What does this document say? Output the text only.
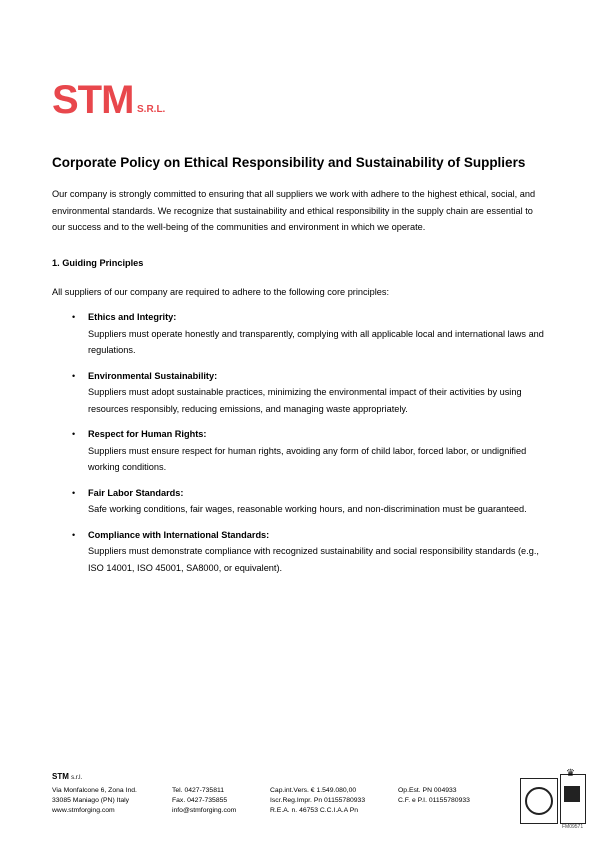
STM S.R.L.
Corporate Policy on Ethical Responsibility and Sustainability of Suppliers
Our company is strongly committed to ensuring that all suppliers we work with adhere to the highest ethical, social, and environmental standards. We recognize that sustainability and ethical responsibility in the supply chain are essential to our success and to the well-being of the communities and environment in which we operate.
1. Guiding Principles
All suppliers of our company are required to adhere to the following core principles:
• Ethics and Integrity:
Suppliers must operate honestly and transparently, complying with all applicable local and international laws and regulations.
• Environmental Sustainability:
Suppliers must adopt sustainable practices, minimizing the environmental impact of their activities by using resources responsibly, reducing emissions, and managing waste appropriately.
• Respect for Human Rights:
Suppliers must ensure respect for human rights, avoiding any form of child labor, forced labor, or undignified working conditions.
• Fair Labor Standards:
Safe working conditions, fair wages, reasonable working hours, and non-discrimination must be guaranteed.
• Compliance with International Standards:
Suppliers must demonstrate compliance with recognized sustainability and social responsibility standards (e.g., ISO 14001, ISO 45001, SA8000, or equivalent).
STM s.r.l.
Via Monfalcone 6, Zona Ind.
33085 Maniago (PN) Italy
www.stmforging.com
Tel. 0427-735811
Fax. 0427-735855
info@stmforging.com
Cap.int.Vers. € 1.549.080,00
Iscr.Reg.Impr. Pn 01155780933
R.E.A. n. 46753 C.C.I.A.A Pn
Op.Est. PN 004933
C.F. e P.I. 01155780933
♛
FM09571
